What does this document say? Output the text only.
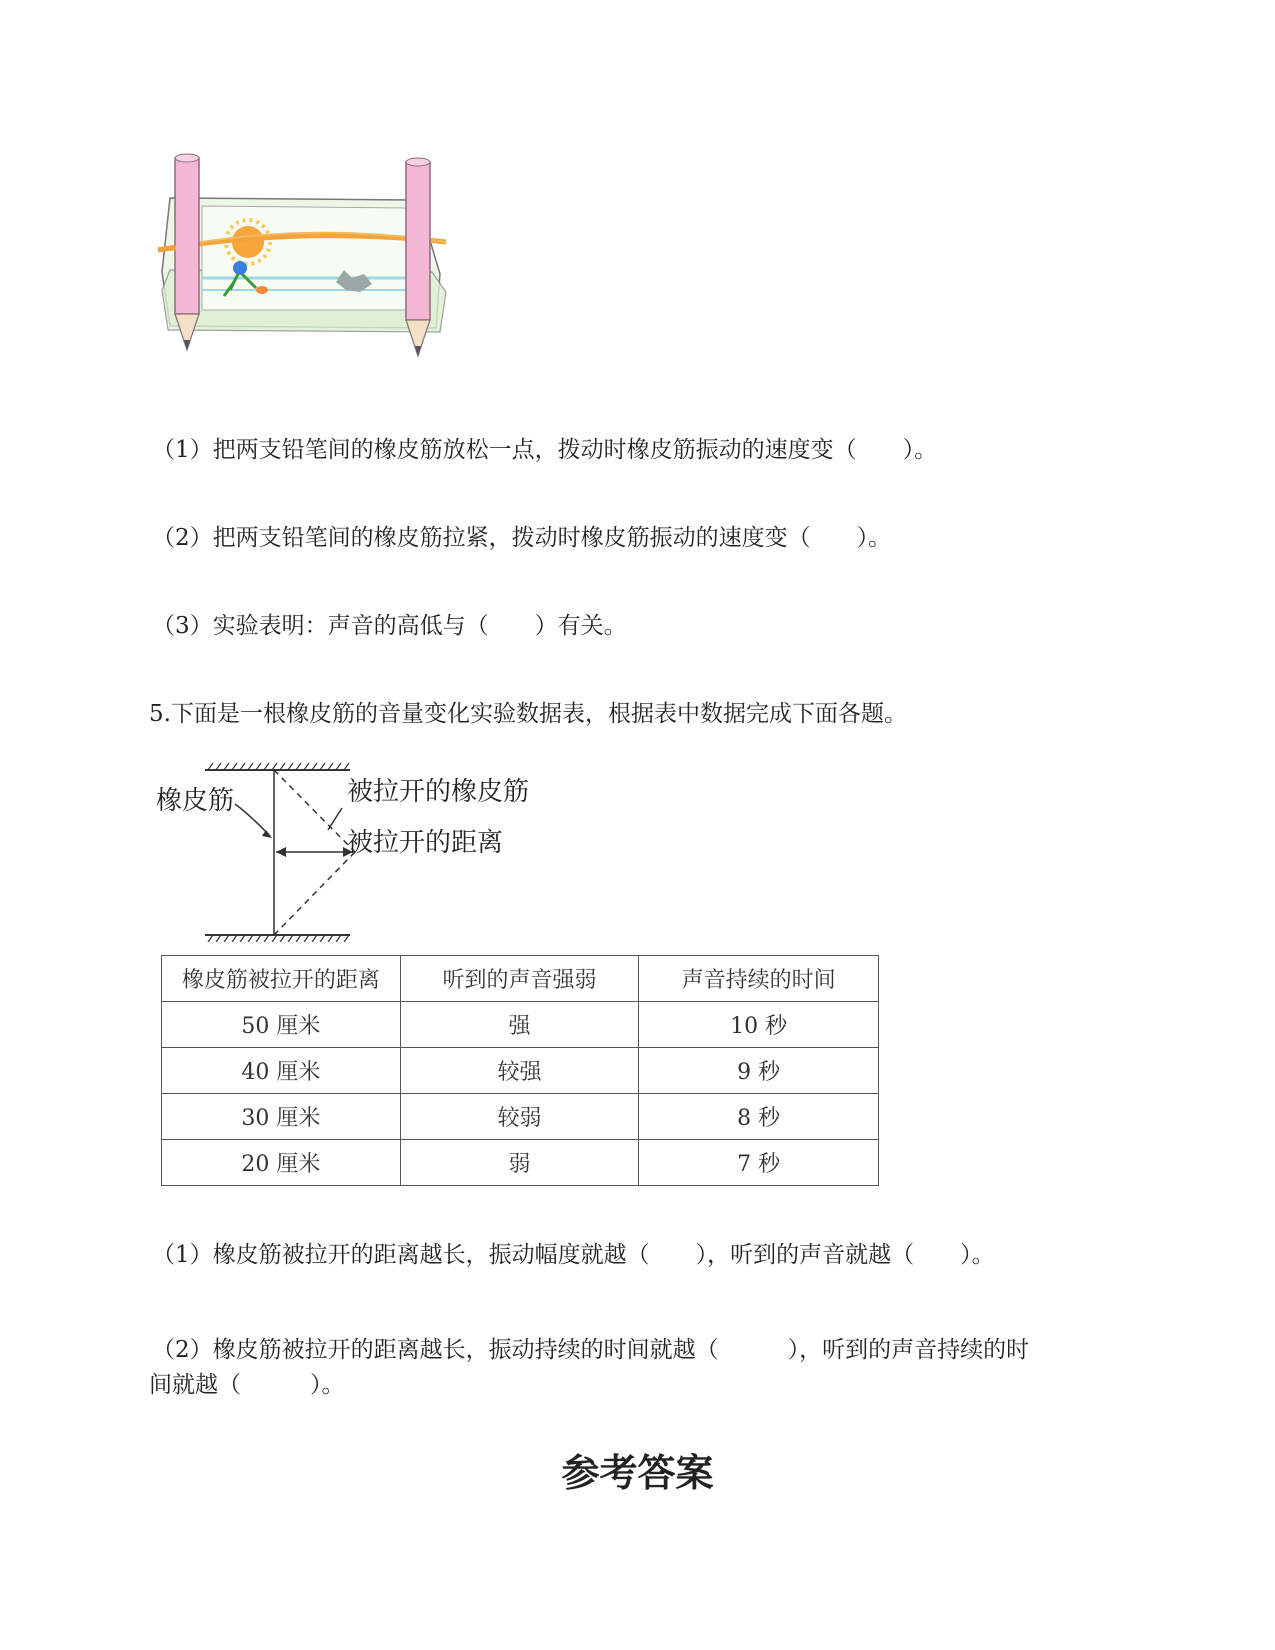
（1）把两支铅笔间的橡皮筋放松一点，拨动时橡皮筋振动的速度变（　　）。
（2）把两支铅笔间的橡皮筋拉紧，拨动时橡皮筋振动的速度变（　　）。
（3）实验表明：声音的高低与（　　）有关。
5.下面是一根橡皮筋的音量变化实验数据表，根据表中数据完成下面各题。
橡皮筋	被拉开的橡皮筋
被拉开的距离
橡皮筋被拉开的距离	听到的声音强弱	声音持续的时间
50 厘米	强	10 秒
40 厘米	较强	9 秒
30 厘米	较弱	8 秒
20 厘米	弱	7 秒
（1）橡皮筋被拉开的距离越长，振动幅度就越（　　），听到的声音就越（　　）。
（2）橡皮筋被拉开的距离越长，振动持续的时间就越（　　　），听到的声音持续的时
间就越（　　　）。
参考答案
